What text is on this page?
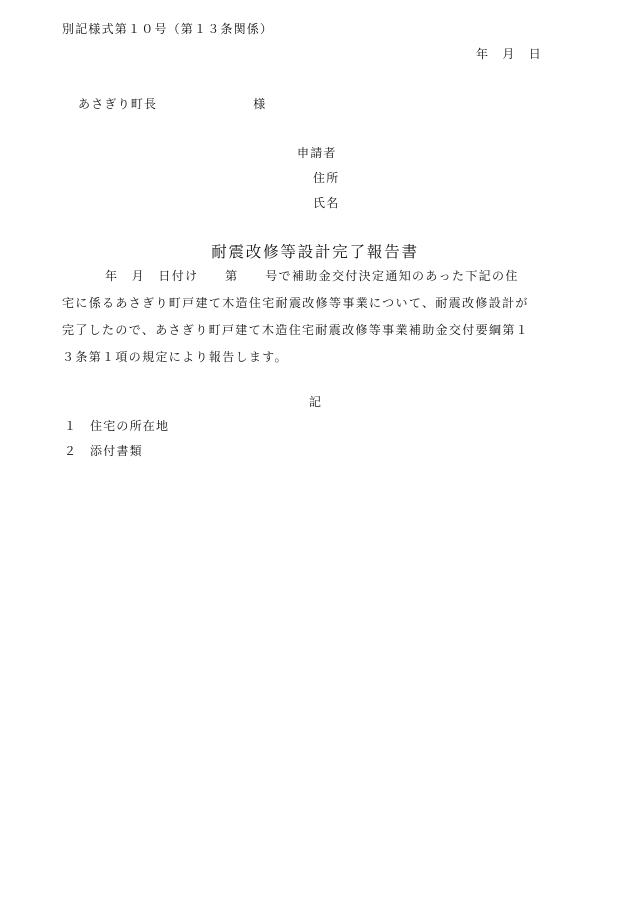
別記様式第１０号（第１３条関係）
年　月　日
あさぎり町長	様
申請者
住所
氏名
耐震改修等設計完了報告書
年　月　日付け　　第　　号で補助金交付決定通知のあった下記の住
宅に係るあさぎり町戸建て木造住宅耐震改修等事業について、耐震改修設計が
完了したので、あさぎり町戸建て木造住宅耐震改修等事業補助金交付要綱第１
３条第１項の規定により報告します。
記
１ 住宅の所在地
２ 添付書類
